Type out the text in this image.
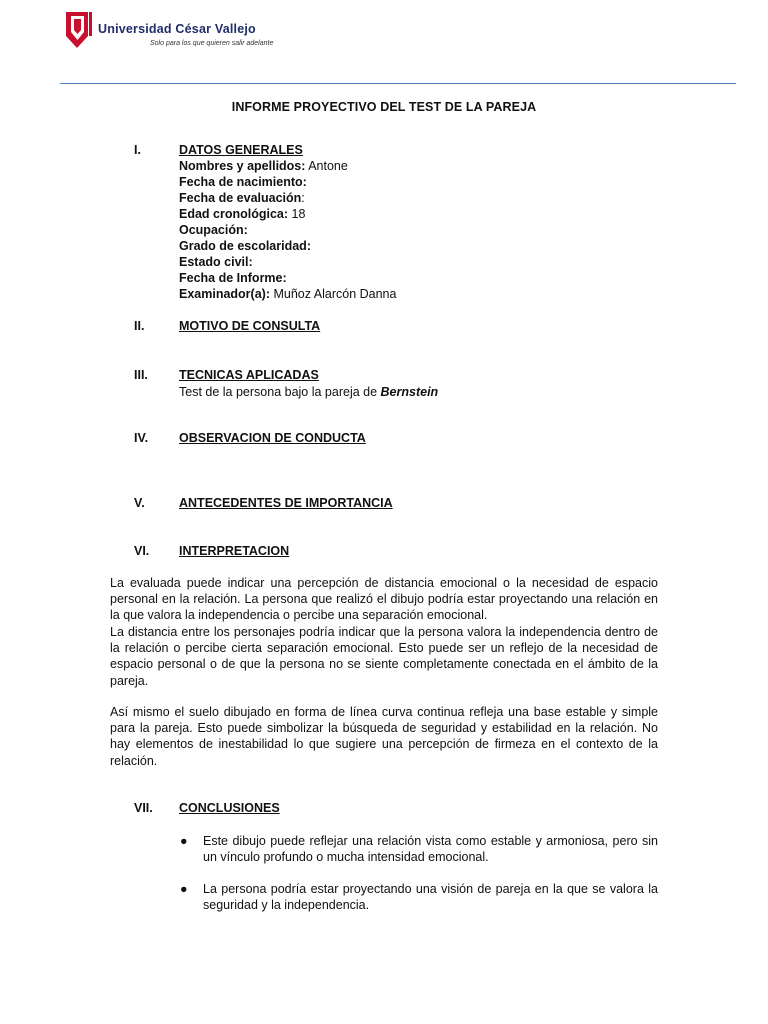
Universidad César Vallejo
Solo para los que quieren salir adelante
INFORME PROYECTIVO DEL TEST DE LA PAREJA
I.	DATOS GENERALES
Nombres y apellidos: Antone
Fecha de nacimiento:
Fecha de evaluación:
Edad cronológica: 18
Ocupación:
Grado de escolaridad:
Estado civil:
Fecha de Informe:
Examinador(a): Muñoz Alarcón Danna
II.	MOTIVO DE CONSULTA
III. TECNICAS APLICADAS
Test de la persona bajo la pareja de Bernstein
IV. OBSERVACION DE CONDUCTA
V.	ANTECEDENTES DE IMPORTANCIA
VI. INTERPRETACION

La evaluada puede indicar una percepción de distancia emocional o la necesidad de espacio personal en la relación. La persona que realizó el dibujo podría estar proyectando una relación en la que valora la independencia o percibe una separación emocional.

La distancia entre los personajes podría indicar que la persona valora la independencia dentro de la relación o percibe cierta separación emocional. Esto puede ser un reflejo de la necesidad de espacio personal o de que la persona no se siente completamente conectada en el ámbito de la pareja.

Así mismo el suelo dibujado en forma de línea curva continua refleja una base estable y simple para la pareja. Esto puede simbolizar la búsqueda de seguridad y estabilidad en la relación. No hay elementos de inestabilidad lo que sugiere una percepción de firmeza en el contexto de la relación.

VII. CONCLUSIONES
● Este dibujo puede reflejar una relación vista como estable y armoniosa, pero sin un vínculo profundo o mucha intensidad emocional.
● La persona podría estar proyectando una visión de pareja en la que se valora la seguridad y la independencia.
